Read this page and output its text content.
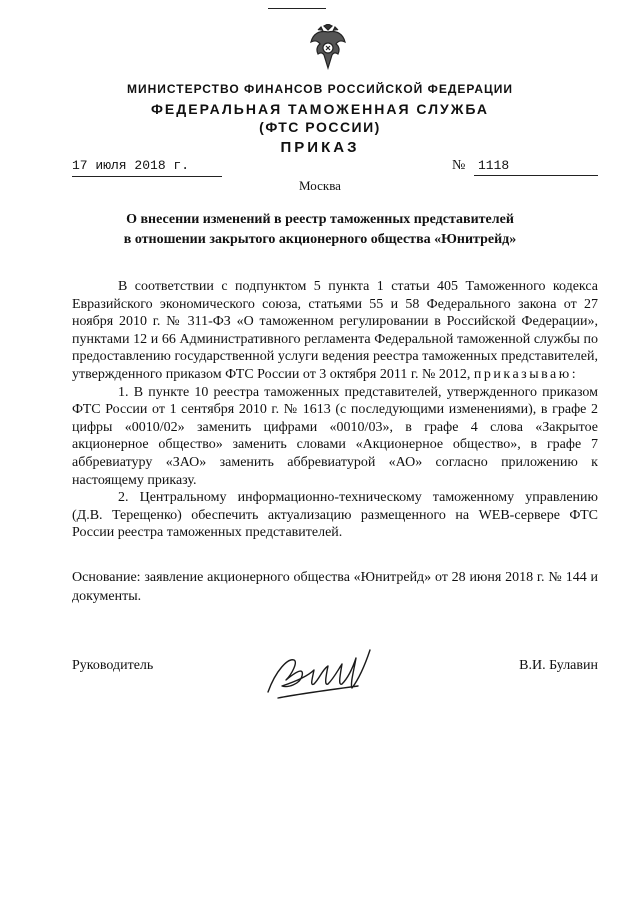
МИНИСТЕРСТВО ФИНАНСОВ РОССИЙСКОЙ ФЕДЕРАЦИИ
ФЕДЕРАЛЬНАЯ ТАМОЖЕННАЯ СЛУЖБА
(ФТС РОССИИ)
ПРИКАЗ
17 июля 2018 г.	№ 1118
Москва
О внесении изменений в реестр таможенных представителей
в отношении закрытого акционерного общества «Юнитрейд»

В соответствии с подпунктом 5 пункта 1 статьи 405 Таможенного кодекса Евразийского экономического союза, статьями 55 и 58 Федерального закона от 27 ноября 2010 г. № 311-ФЗ «О таможенном регулировании в Российской Федерации», пунктами 12 и 66 Административного регламента Федеральной таможенной службы по предоставлению государственной услуги ведения реестра таможенных представителей, утвержденного приказом ФТС России от 3 октября 2011 г. № 2012, приказываю:

1. В пункте 10 реестра таможенных представителей, утвержденного приказом ФТС России от 1 сентября 2010 г. № 1613 (с последующими изменениями), в графе 2 цифры «0010/02» заменить цифрами «0010/03», в графе 4 слова «Закрытое акционерное общество» заменить словами «Акционерное общество», в графе 7 аббревиатуру «ЗАО» заменить аббревиатурой «АО» согласно приложению к настоящему приказу.

2. Центральному информационно-техническому таможенному управлению (Д.В. Терещенко) обеспечить актуализацию размещенного на WEB-сервере ФТС России реестра таможенных представителей.

Основание: заявление акционерного общества «Юнитрейд» от 28 июня 2018 г. № 144 и документы.
Руководитель	В.И. Булавин
